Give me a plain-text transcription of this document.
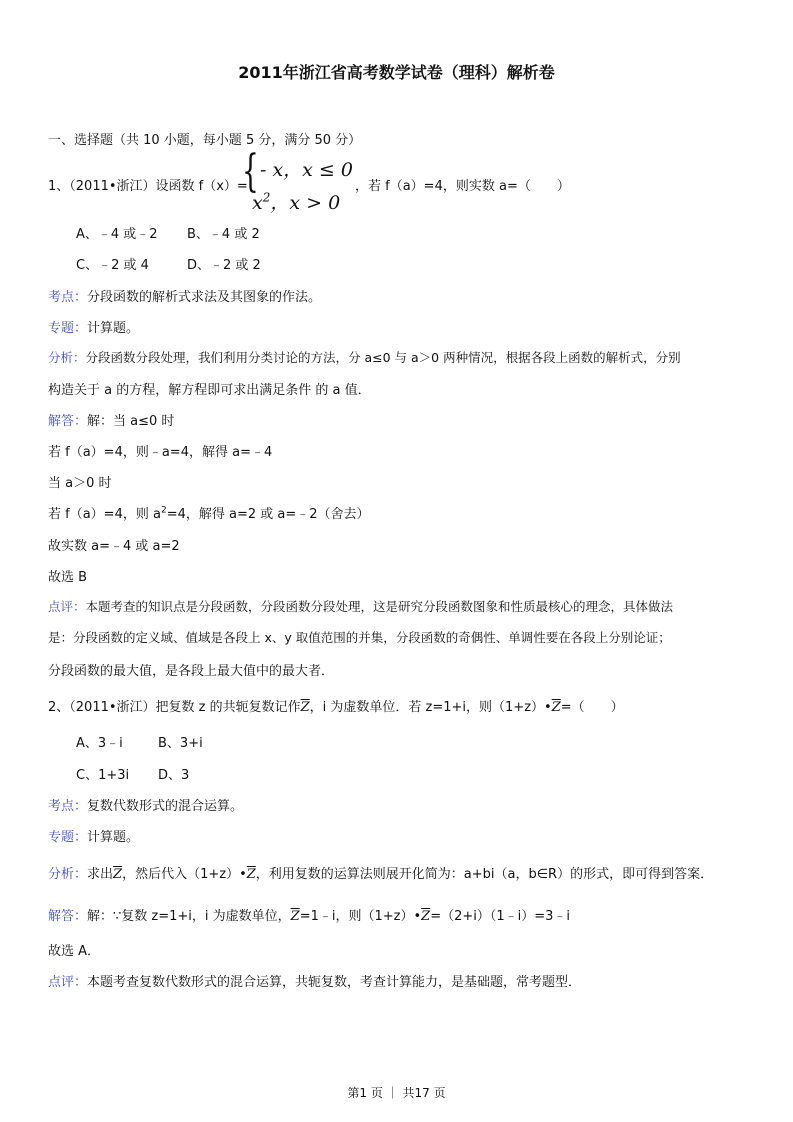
2011年浙江省高考数学试卷（理科）解析卷
一、选择题（共 10 小题，每小题 5 分，满分 50 分）
1、（2011•浙江）设函数 f（x）=
{ - x，x ≤ 0
$x^2$，x > 0
，若 f（a）=4，则实数 a=（　　）
A、﹣4 或﹣2 B、﹣4 或 2
C、﹣2 或 4	D、﹣2 或 2
考点：分段函数的解析式求法及其图象的作法。
专题：计算题。
分析：分段函数分段处理，我们利用分类讨论的方法，分 a≤0 与 a＞0 两种情况，根据各段上函数的解析式，分别
构造关于 a 的方程，解方程即可求出满足条件 的 a 值．
解答：解：当 a≤0 时
若 f（a）=4，则﹣a=4，解得 a=﹣4
当 a＞0 时
若 f（a）=4，则 $a^2=4$，解得 a=2 或 a=﹣2（舍去）
故实数 a=﹣4 或 a=2
故选 B
点评：本题考查的知识点是分段函数，分段函数分段处理，这是研究分段函数图象和性质最核心的理念，具体做法
是：分段函数的定义域、值域是各段上 x、y 取值范围的并集，分段函数的奇偶性、单调性要在各段上分别论证；
分段函数的最大值，是各段上最大值中的最大者．
2、（2011•浙江）把复数 z 的共轭复数记作$\overline{Z}$，i 为虚数单位．若 z=1+i，则$(1+z)•\overline{Z}=$（　　）
A、3﹣i	B、3+i
C、1+3i D、3
考点：复数代数形式的混合运算。
专题：计算题。
分析：求出$\overline{Z}$，然后代入$(1+z)•\overline{Z}$，利用复数的运算法则展开化简为：a+bi（a，b∈R）的形式，即可得到答案．
解答：解：∵复数 z=1+i，i 为虚数单位，$\overline{Z}=1﹣i$，则$(1+z)•\overline{Z}=(2+i)(1﹣i)=3﹣i$
故选 A．
点评：本题考查复数代数形式的混合运算，共轭复数，考查计算能力，是基础题，常考题型．
第1 页 ｜ 共17 页
